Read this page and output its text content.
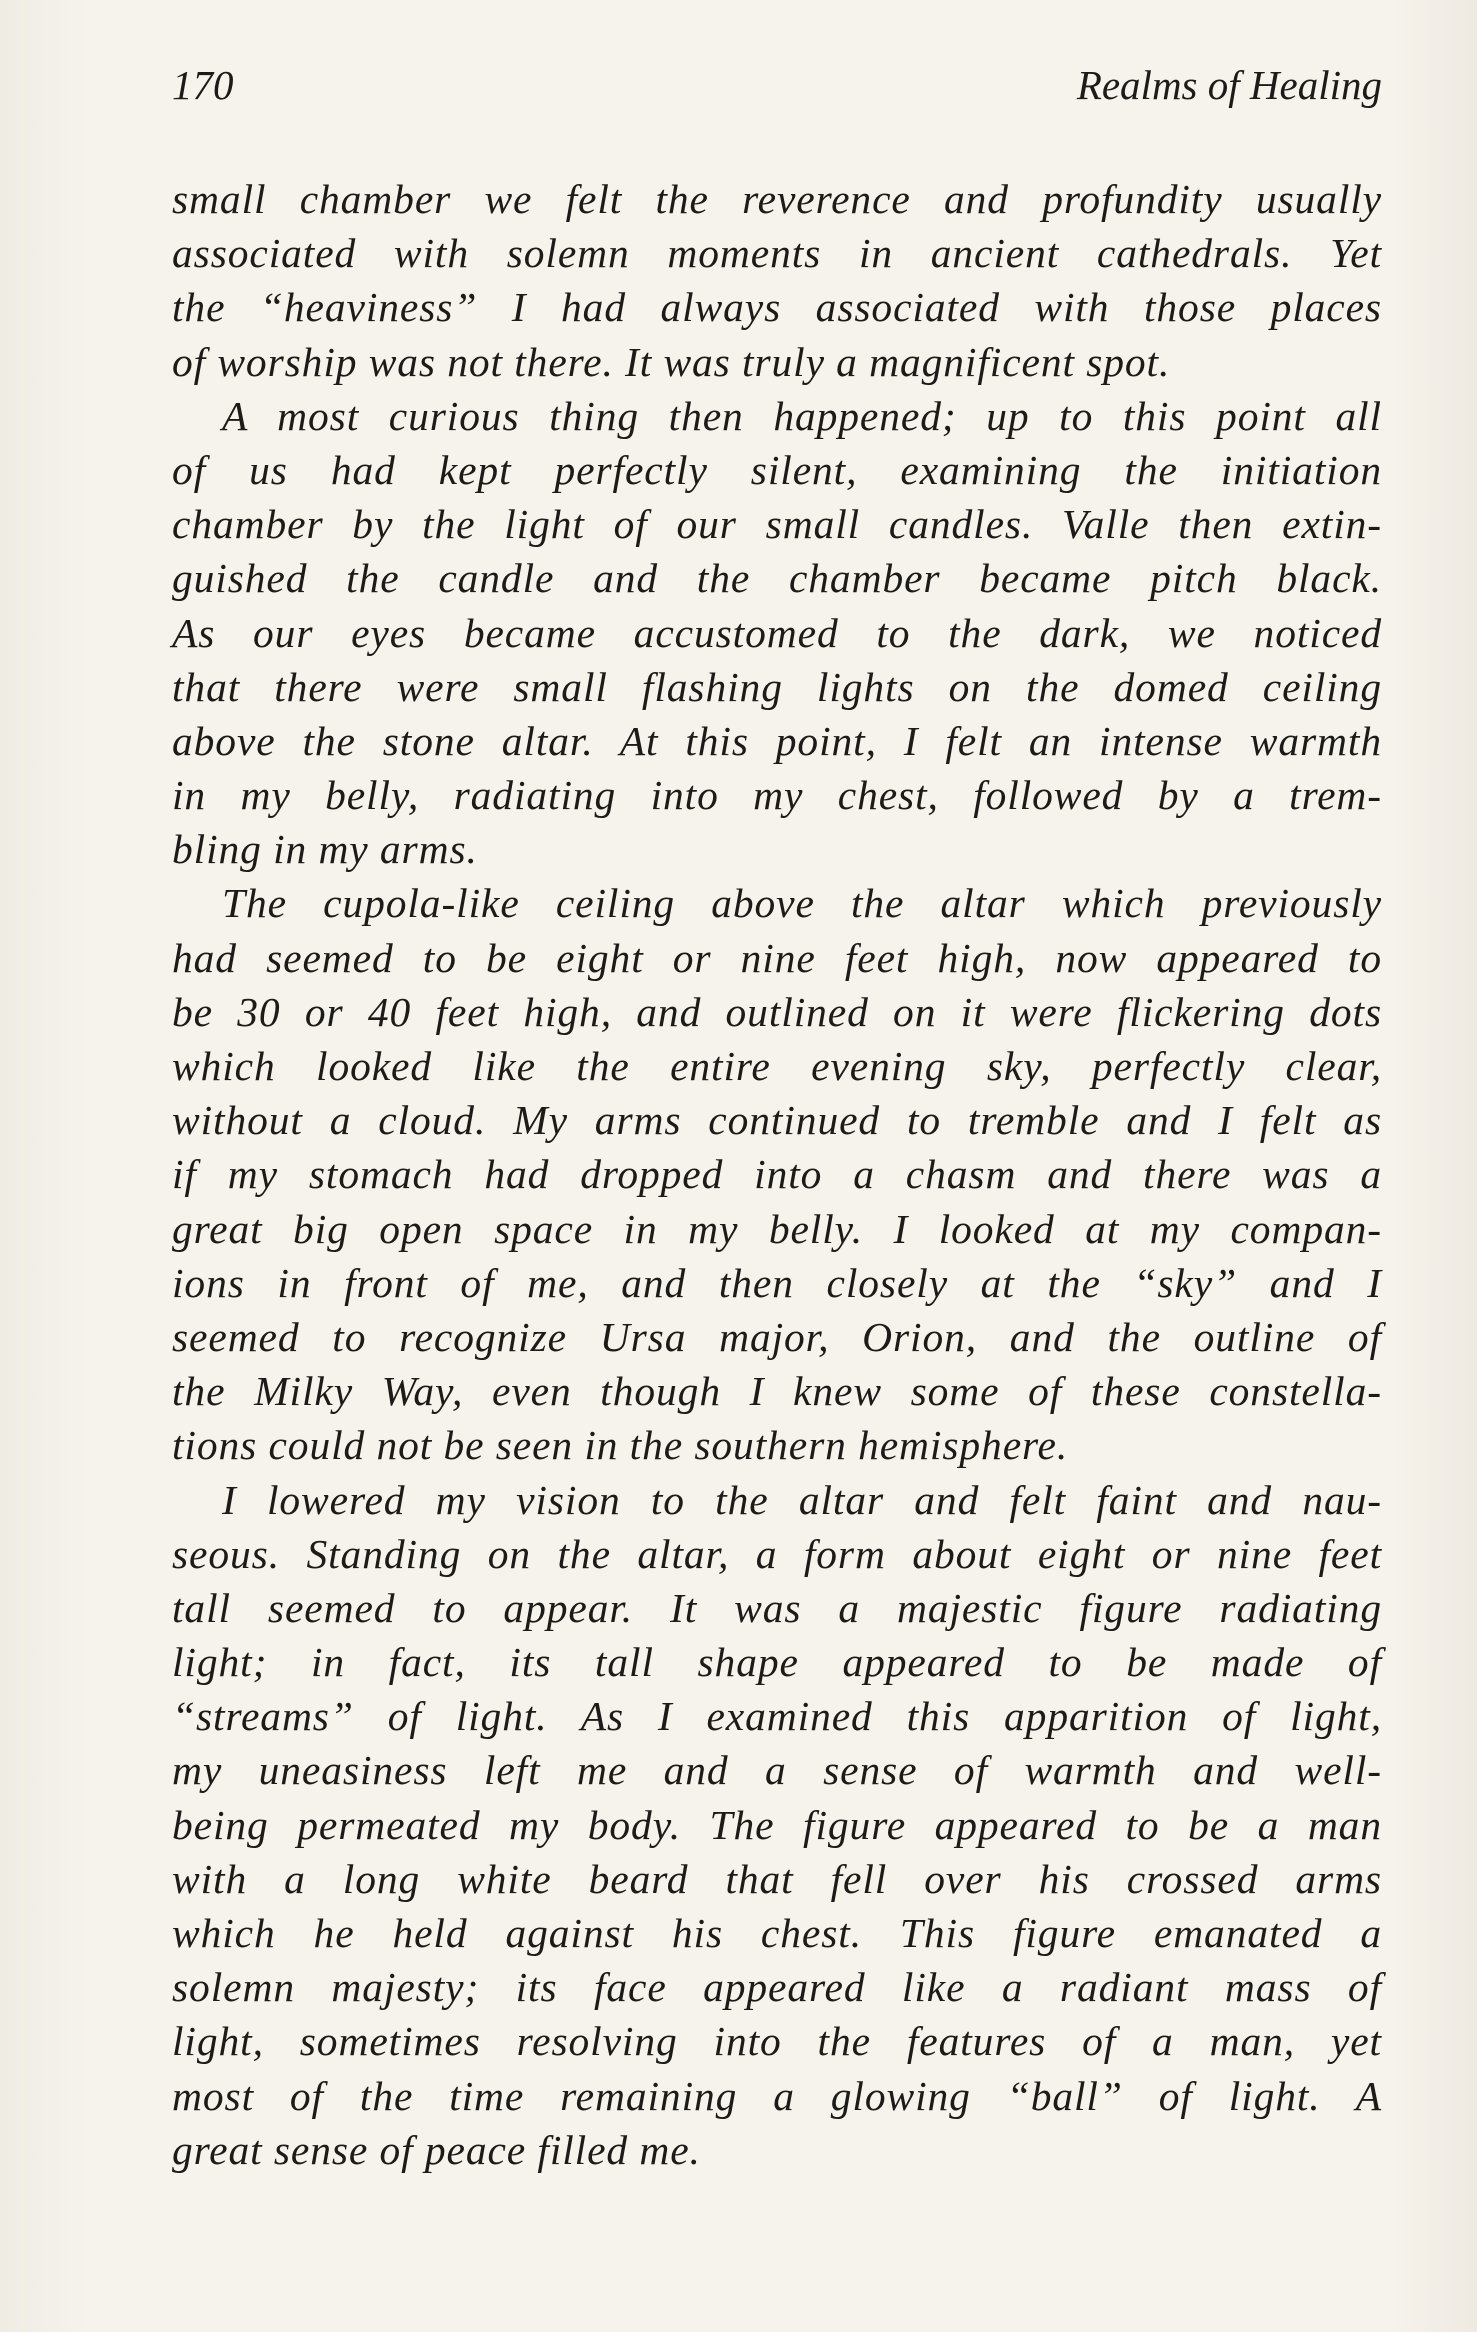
170	Realms of Healing
small chamber we felt the reverence and profundity usually
associated with solemn moments in ancient cathedrals. Yet
the “heaviness” I had always associated with those places
of worship was not there. It was truly a magnificent spot.
A most curious thing then happened; up to this point all
of us had kept perfectly silent, examining the initiation
chamber by the light of our small candles. Valle then extin-
guished the candle and the chamber became pitch black.
As our eyes became accustomed to the dark, we noticed
that there were small flashing lights on the domed ceiling
above the stone altar. At this point, I felt an intense warmth
in my belly, radiating into my chest, followed by a trem-
bling in my arms.
The cupola-like ceiling above the altar which previously
had seemed to be eight or nine feet high, now appeared to
be 30 or 40 feet high, and outlined on it were flickering dots
which looked like the entire evening sky, perfectly clear,
without a cloud. My arms continued to tremble and I felt as
if my stomach had dropped into a chasm and there was a
great big open space in my belly. I looked at my compan-
ions in front of me, and then closely at the “sky” and I
seemed to recognize Ursa major, Orion, and the outline of
the Milky Way, even though I knew some of these constella-
tions could not be seen in the southern hemisphere.
I lowered my vision to the altar and felt faint and nau-
seous. Standing on the altar, a form about eight or nine feet
tall seemed to appear. It was a majestic figure radiating
light; in fact, its tall shape appeared to be made of
“streams” of light. As I examined this apparition of light,
my uneasiness left me and a sense of warmth and well-
being permeated my body. The figure appeared to be a man
with a long white beard that fell over his crossed arms
which he held against his chest. This figure emanated a
solemn majesty; its face appeared like a radiant mass of
light, sometimes resolving into the features of a man, yet
most of the time remaining a glowing “ball” of light. A
great sense of peace filled me.
